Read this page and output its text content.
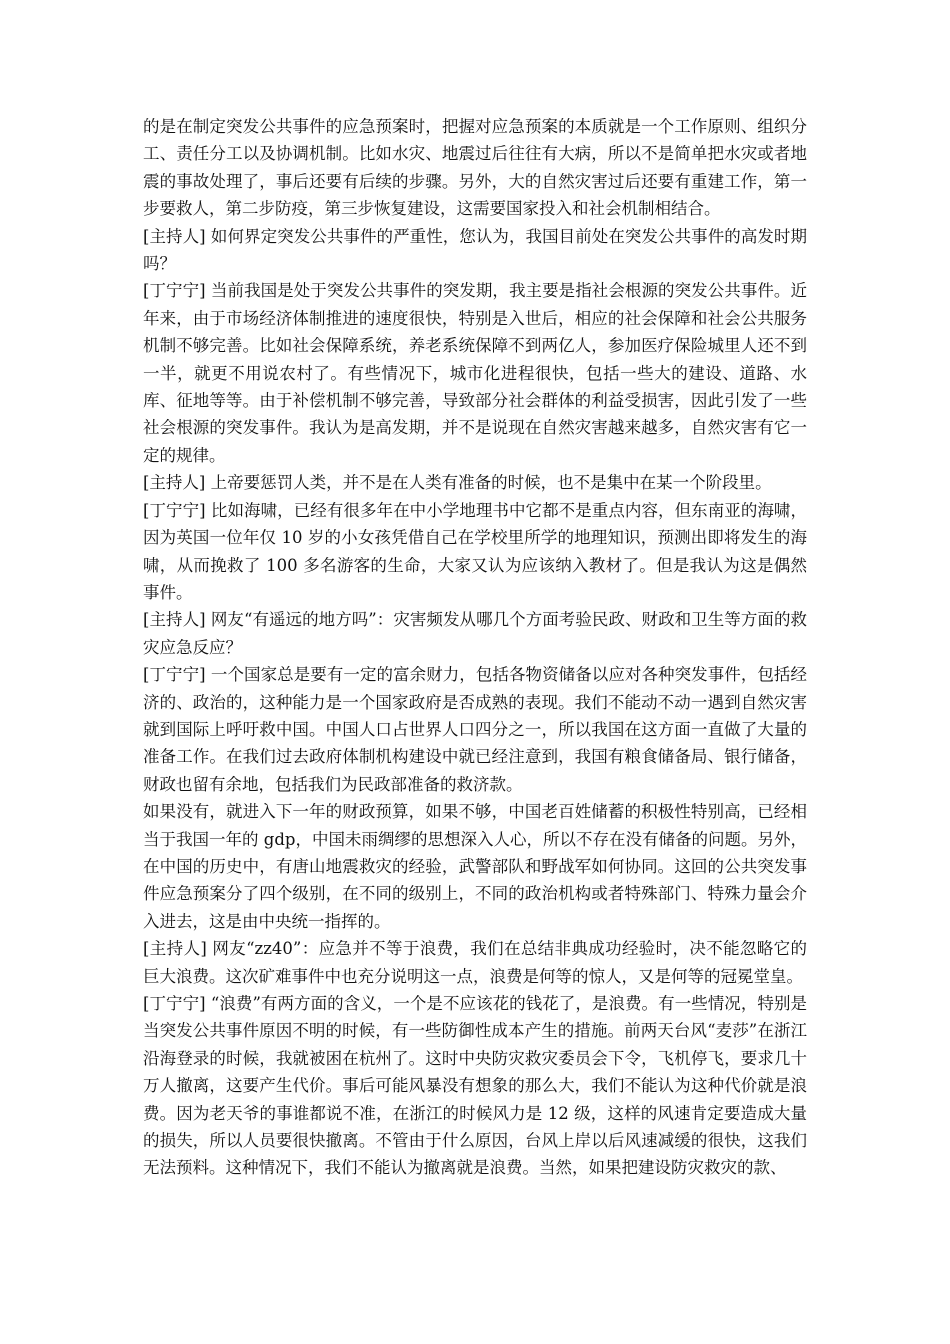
的是在制定突发公共事件的应急预案时，把握对应急预案的本质就是一个工作原则、组织分工、责任分工以及协调机制。比如水灾、地震过后往往有大病，所以不是简单把水灾或者地震的事故处理了，事后还要有后续的步骤。另外，大的自然灾害过后还要有重建工作，第一步要救人，第二步防疫，第三步恢复建设，这需要国家投入和社会机制相结合。

[主持人] 如何界定突发公共事件的严重性，您认为，我国目前处在突发公共事件的高发时期吗？

[丁宁宁] 当前我国是处于突发公共事件的突发期，我主要是指社会根源的突发公共事件。近年来，由于市场经济体制推进的速度很快，特别是入世后，相应的社会保障和社会公共服务机制不够完善。比如社会保障系统，养老系统保障不到两亿人，参加医疗保险城里人还不到一半，就更不用说农村了。有些情况下，城市化进程很快，包括一些大的建设、道路、水库、征地等等。由于补偿机制不够完善，导致部分社会群体的利益受损害，因此引发了一些社会根源的突发事件。我认为是高发期，并不是说现在自然灾害越来越多，自然灾害有它一定的规律。

[主持人] 上帝要惩罚人类，并不是在人类有准备的时候，也不是集中在某一个阶段里。

[丁宁宁] 比如海啸，已经有很多年在中小学地理书中它都不是重点内容，但东南亚的海啸，因为英国一位年仅 10 岁的小女孩凭借自己在学校里所学的地理知识，预测出即将发生的海啸，从而挽救了 100 多名游客的生命，大家又认为应该纳入教材了。但是我认为这是偶然事件。

[主持人] 网友“有遥远的地方吗”：灾害频发从哪几个方面考验民政、财政和卫生等方面的救灾应急反应？

[丁宁宁] 一个国家总是要有一定的富余财力，包括各物资储备以应对各种突发事件，包括经济的、政治的，这种能力是一个国家政府是否成熟的表现。我们不能动不动一遇到自然灾害就到国际上呼吁救中国。中国人口占世界人口四分之一，所以我国在这方面一直做了大量的准备工作。在我们过去政府体制机构建设中就已经注意到，我国有粮食储备局、银行储备，财政也留有余地，包括我们为民政部准备的救济款。

如果没有，就进入下一年的财政预算，如果不够，中国老百姓储蓄的积极性特别高，已经相当于我国一年的 gdp，中国未雨绸缪的思想深入人心，所以不存在没有储备的问题。另外，在中国的历史中，有唐山地震救灾的经验，武警部队和野战军如何协同。这回的公共突发事件应急预案分了四个级别，在不同的级别上，不同的政治机构或者特殊部门、特殊力量会介入进去，这是由中央统一指挥的。

[主持人] 网友“zz40”：应急并不等于浪费，我们在总结非典成功经验时，决不能忽略它的巨大浪费。这次矿难事件中也充分说明这一点，浪费是何等的惊人，又是何等的冠冕堂皇。

[丁宁宁] “浪费”有两方面的含义，一个是不应该花的钱花了，是浪费。有一些情况，特别是当突发公共事件原因不明的时候，有一些防御性成本产生的措施。前两天台风“麦莎”在浙江沿海登录的时候，我就被困在杭州了。这时中央防灾救灾委员会下令，飞机停飞，要求几十万人撤离，这要产生代价。事后可能风暴没有想象的那么大，我们不能认为这种代价就是浪费。因为老天爷的事谁都说不准，在浙江的时候风力是 12 级，这样的风速肯定要造成大量的损失，所以人员要很快撤离。不管由于什么原因，台风上岸以后风速减缓的很快，这我们无法预料。这种情况下，我们不能认为撤离就是浪费。当然，如果把建设防灾救灾的款、
